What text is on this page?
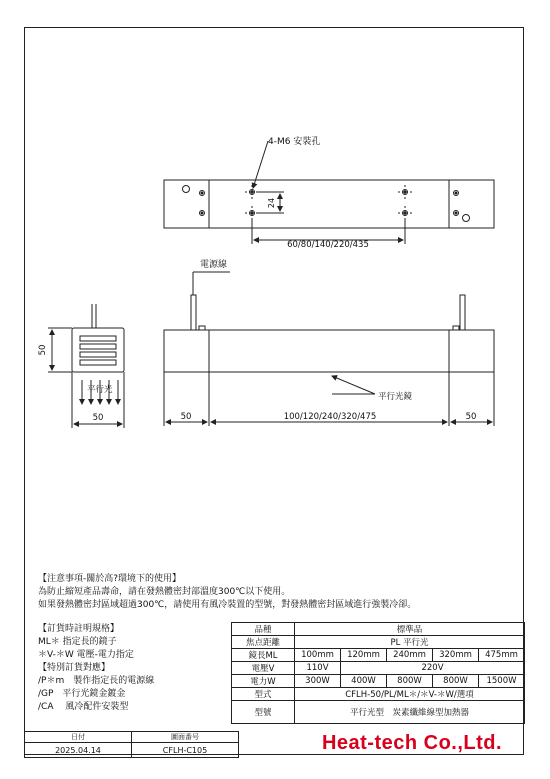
4-M6 安裝孔
24
60/80/140/220/435
電源線
50
平行光
50
平行光鏡
50	100/120/240/320/475	50
【注意事項-關於高?環境下的使用】
為防止縮短產品壽命，請在發熱體密封部溫度300℃以下使用。
如果發熱體密封區域超過300℃，請使用有風冷裝置的型號，對發熱體密封區域進行強製冷卻。
【訂貨時註明規格】
ML＊ 指定長的鏡子
＊V-＊W 電壓-電力指定
【特別訂貨對應】
/P＊m　製作指定長的電源線
/GP　平行光鏡金鍍金
/CA　 風冷配件安裝型
品種	標準品				
焦点距離	PL 平行光				
鏡長ML	100mm	120mm	240mm	320mm	475mm
電壓V	110V	220V			
電力W	300W	400W	800W	800W	1500W
型式	CFLH-50/PL/ML＊/＊V-＊W/選項				
型號	平行光型　炭素纖維線型加熱器				
日付	圖面番号
2025.04.14	CFLH-C105	Heat-tech Co.,Ltd.
